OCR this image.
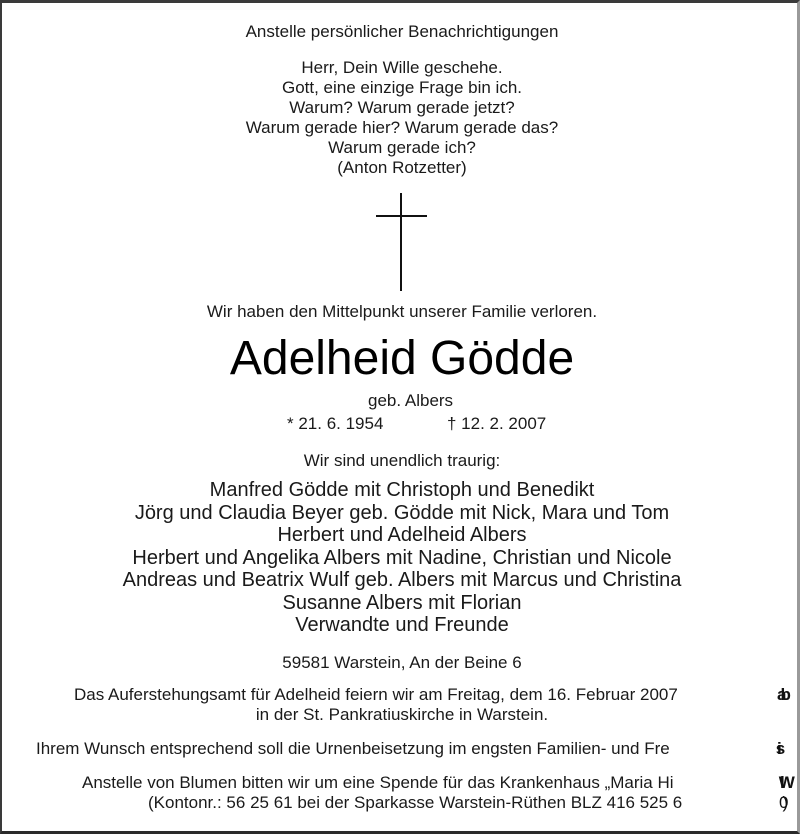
Anstelle persönlicher Benachrichtigungen
Herr, Dein Wille geschehe.
Gott, eine einzige Frage bin ich.
Warum? Warum gerade jetzt?
Warum gerade hier? Warum gerade das?
Warum gerade ich?
(Anton Rotzetter)
Wir haben den Mittelpunkt unserer Familie verloren.
Adelheid Gödde
geb. Albers
* 21. 6. 1954	† 12. 2. 2007
Wir sind unendlich traurig:
Manfred Gödde mit Christoph und Benedikt
Jörg und Claudia Beyer geb. Gödde mit Nick, Mara und Tom
Herbert und Adelheid Albers
Herbert und Angelika Albers mit Nadine, Christian und Nicole
Andreas und Beatrix Wulf geb. Albers mit Marcus und Christina
Susanne Albers mit Florian
Verwandte und Freunde
59581 Warstein, An der Beine 6
Das Auferstehungsamt für Adelheid feiern wir am Freitag, dem 16. Februar 2007	ab
in der St. Pankratiuskirche in Warstein.
Ihrem Wunsch entsprechend soll die Urnenbeisetzung im engsten Familien- und Fre	is
Anstelle von Blumen bitten wir um eine Spende für das Krankenhaus „Maria Hi	lW
(Kontonr.: 56 25 61 bei der Sparkasse Warstein-Rüthen BLZ 416 525 6	0)
